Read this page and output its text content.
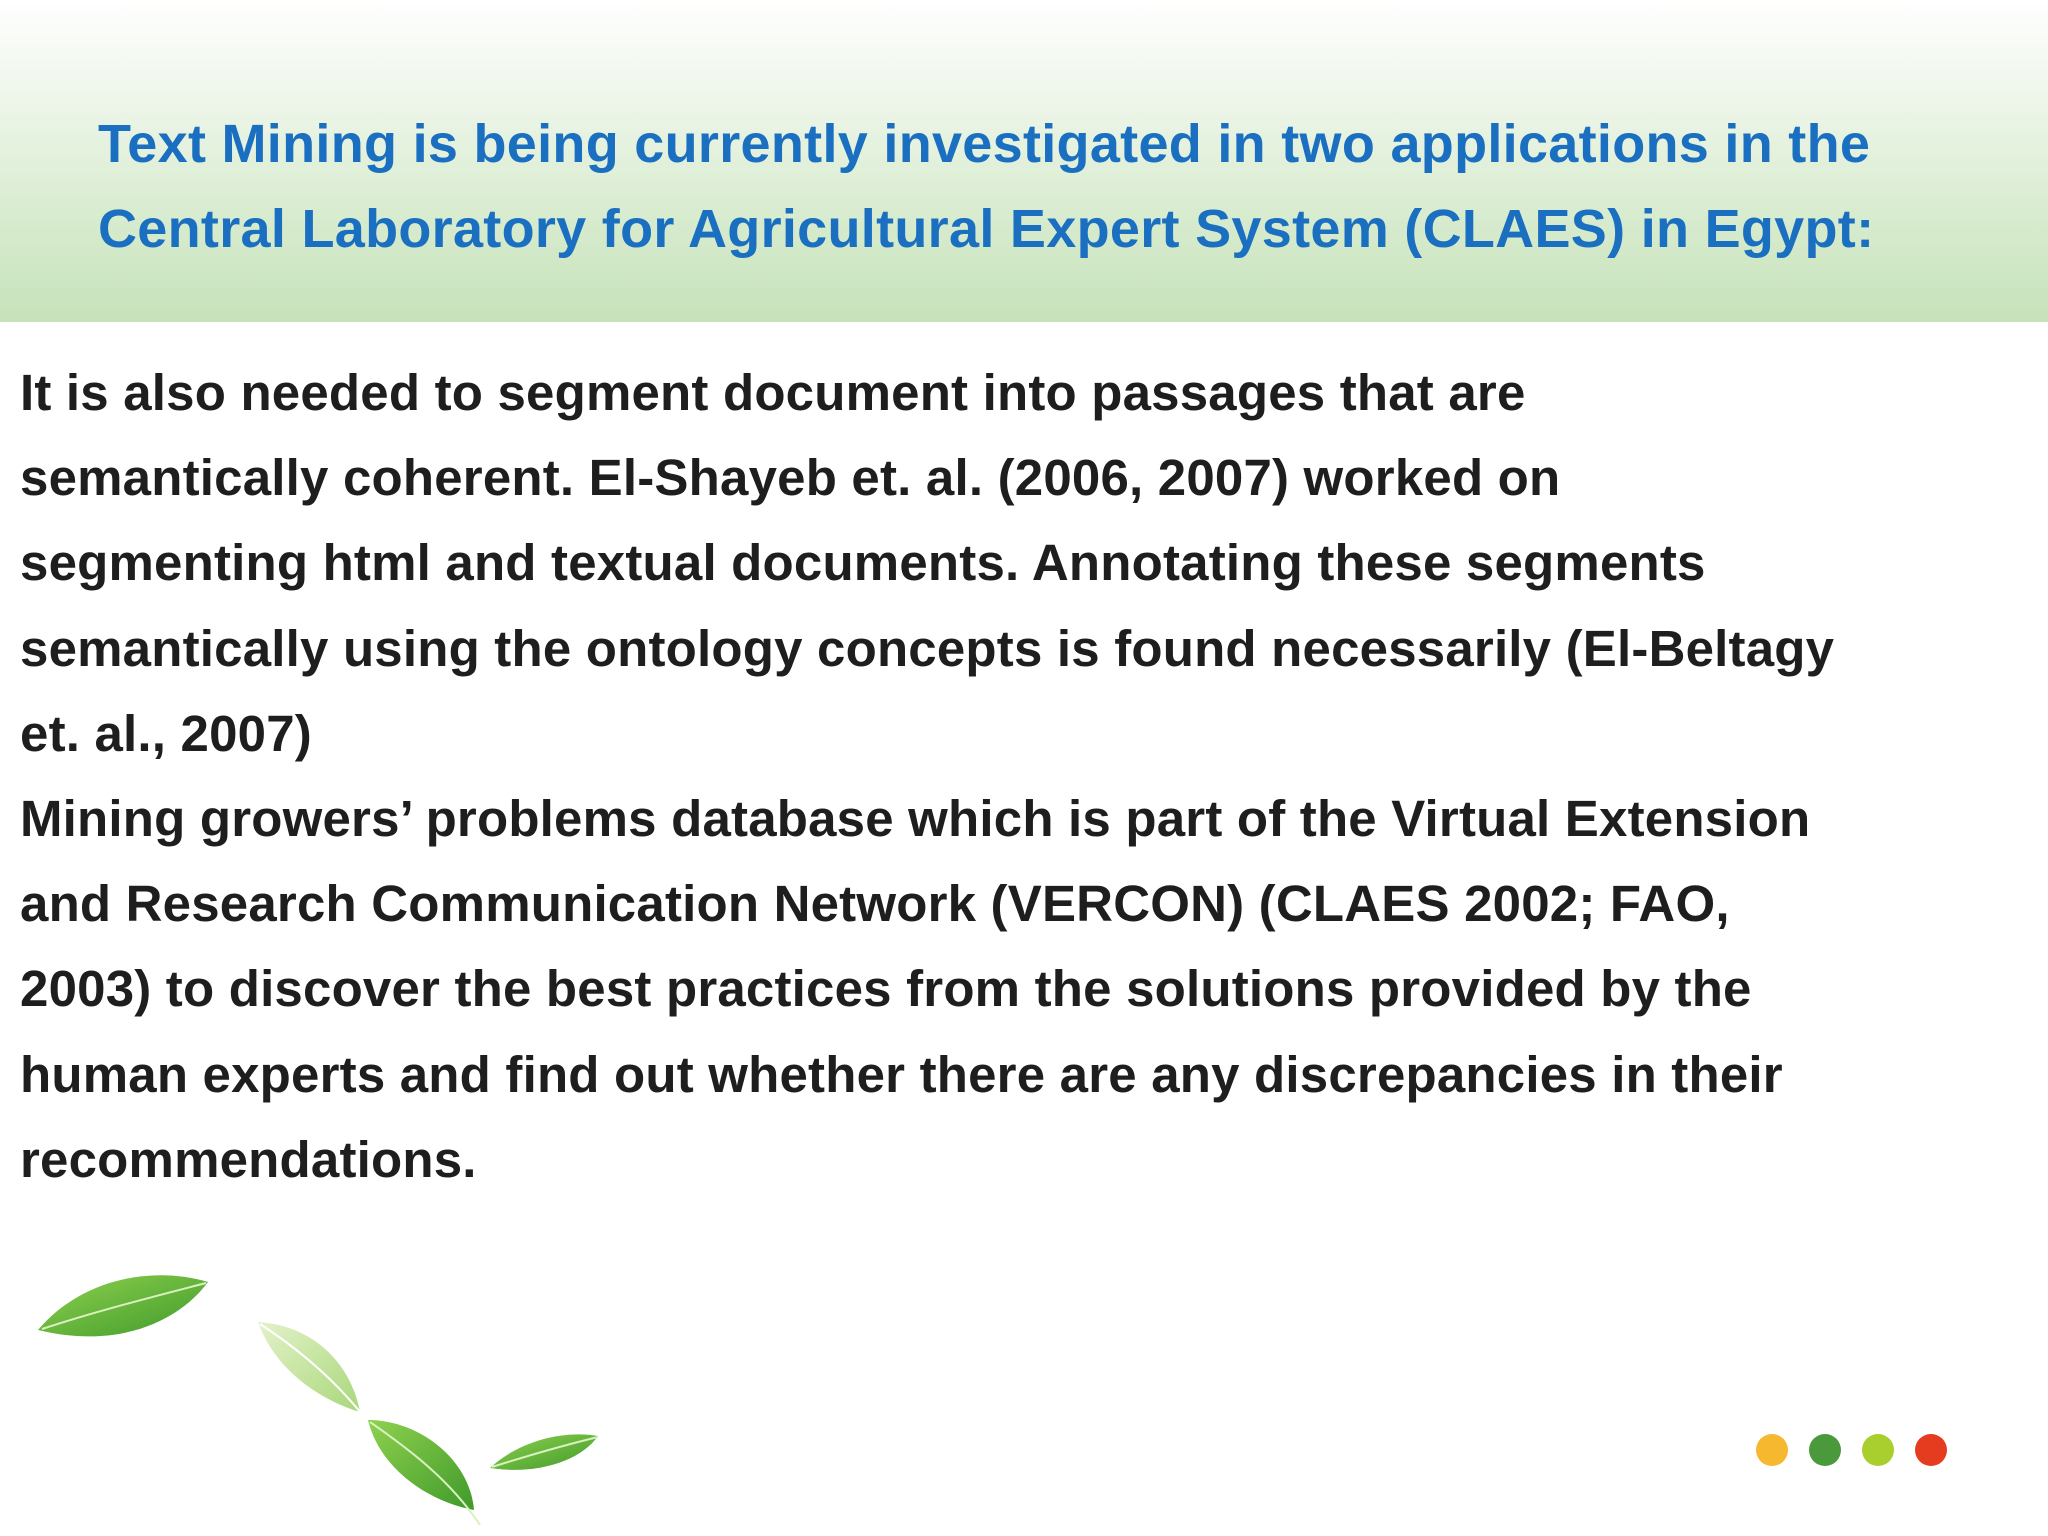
Text Mining is being currently investigated in two applications in the
Central Laboratory for Agricultural Expert System (CLAES) in Egypt:
It is also needed to segment document into passages that are
semantically coherent. El-Shayeb et. al. (2006, 2007) worked on
segmenting html and textual documents. Annotating these segments
semantically using the ontology concepts is found necessarily (El-Beltagy
et. al., 2007)
Mining growers’ problems database which is part of the Virtual Extension
and Research Communication Network (VERCON) (CLAES 2002; FAO,
2003) to discover the best practices from the solutions provided by the
human experts and find out whether there are any discrepancies in their
recommendations.
